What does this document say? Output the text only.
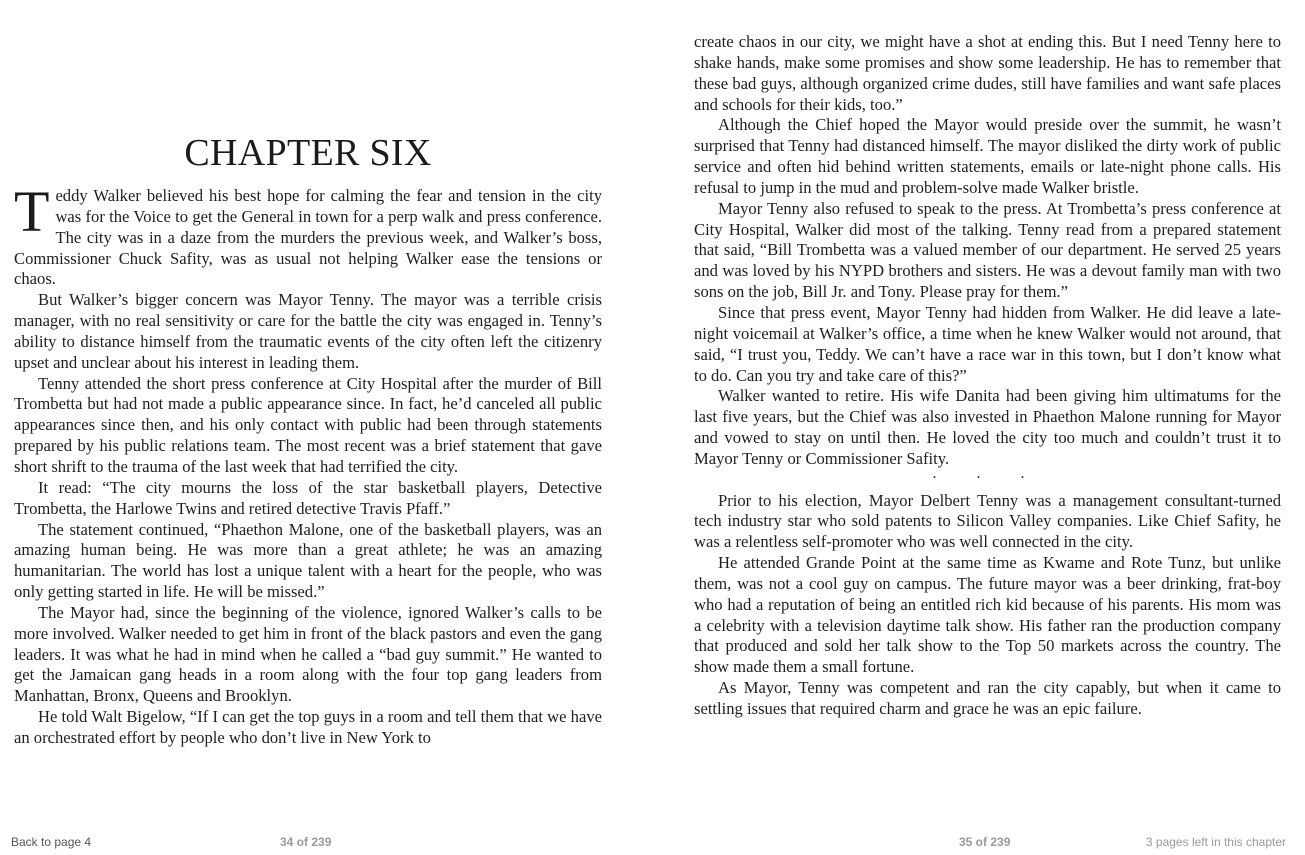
CHAPTER SIX

Teddy Walker believed his best hope for calming the fear and tension in the city was for the Voice to get the General in town for a perp walk and press conference. The city was in a daze from the murders the previous week, and Walker’s boss, Commissioner Chuck Safity, was as usual not helping Walker ease the tensions or chaos.

But Walker’s bigger concern was Mayor Tenny. The mayor was a terrible crisis manager, with no real sensitivity or care for the battle the city was engaged in. Tenny’s ability to distance himself from the traumatic events of the city often left the citizenry upset and unclear about his interest in leading them.

Tenny attended the short press conference at City Hospital after the murder of Bill Trombetta but had not made a public appearance since. In fact, he’d canceled all public appearances since then, and his only contact with public had been through statements prepared by his public relations team. The most recent was a brief statement that gave short shrift to the trauma of the last week that had terrified the city.

It read: “The city mourns the loss of the star basketball players, Detective Trombetta, the Harlowe Twins and retired detective Travis Pfaff.”

The statement continued, “Phaethon Malone, one of the basketball players, was an amazing human being. He was more than a great athlete; he was an amazing humanitarian. The world has lost a unique talent with a heart for the people, who was only getting started in life. He will be missed.”

The Mayor had, since the beginning of the violence, ignored Walker’s calls to be more involved. Walker needed to get him in front of the black pastors and even the gang leaders. It was what he had in mind when he called a “bad guy summit.” He wanted to get the Jamaican gang heads in a room along with the four top gang leaders from Manhattan, Bronx, Queens and Brooklyn.

He told Walt Bigelow, “If I can get the top guys in a room and tell them that we have an orchestrated effort by people who don’t live in New York to

create chaos in our city, we might have a shot at ending this. But I need Tenny here to shake hands, make some promises and show some leadership. He has to remember that these bad guys, although organized crime dudes, still have families and want safe places and schools for their kids, too.”

Although the Chief hoped the Mayor would preside over the summit, he wasn’t surprised that Tenny had distanced himself. The mayor disliked the dirty work of public service and often hid behind written statements, emails or late-night phone calls. His refusal to jump in the mud and problem-solve made Walker bristle.

Mayor Tenny also refused to speak to the press. At Trombetta’s press conference at City Hospital, Walker did most of the talking. Tenny read from a prepared statement that said, “Bill Trombetta was a valued member of our department. He served 25 years and was loved by his NYPD brothers and sisters. He was a devout family man with two sons on the job, Bill Jr. and Tony. Please pray for them.”

Since that press event, Mayor Tenny had hidden from Walker. He did leave a late-night voicemail at Walker’s office, a time when he knew Walker would not around, that said, “I trust you, Teddy. We can’t have a race war in this town, but I don’t know what to do. Can you try and take care of this?”

Walker wanted to retire. His wife Danita had been giving him ultimatums for the last five years, but the Chief was also invested in Phaethon Malone running for Mayor and vowed to stay on until then. He loved the city too much and couldn’t trust it to Mayor Tenny or Commissioner Safity.

. . .

Prior to his election, Mayor Delbert Tenny was a management consultant-turned tech industry star who sold patents to Silicon Valley companies. Like Chief Safity, he was a relentless self-promoter who was well connected in the city.

He attended Grande Point at the same time as Kwame and Rote Tunz, but unlike them, was not a cool guy on campus. The future mayor was a beer drinking, frat-boy who had a reputation of being an entitled rich kid because of his parents. His mom was a celebrity with a television daytime talk show. His father ran the production company that produced and sold her talk show to the Top 50 markets across the country. The show made them a small fortune.

As Mayor, Tenny was competent and ran the city capably, but when it came to settling issues that required charm and grace he was an epic failure.

Back to page 4	34 of 239	35 of 239	3 pages left in this chapter
